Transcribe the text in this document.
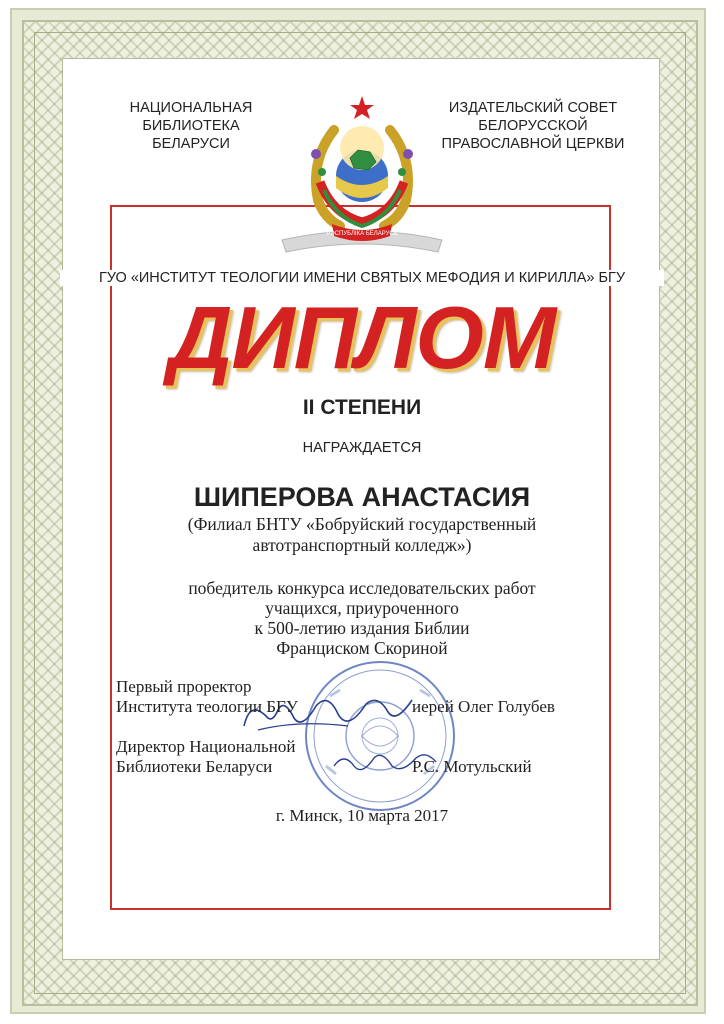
НАЦИОНАЛЬНАЯ
БИБЛИОТЕКА БЕЛАРУСИ
ИЗДАТЕЛЬСКИЙ СОВЕТ
БЕЛОРУССКОЙ
ПРАВОСЛАВНОЙ ЦЕРКВИ
РЭСПУБЛІКА БЕЛАРУСЬ
ГУО «ИНСТИТУТ ТЕОЛОГИИ ИМЕНИ СВЯТЫХ МЕФОДИЯ И КИРИЛЛА» БГУ
ДИПЛОМ
II СТЕПЕНИ
НАГРАЖДАЕТСЯ
ШИПЕРОВА АНАСТАСИЯ
(Филиал БНТУ «Бобруйский государственный
автотранспортный колледж»)
победитель конкурса исследовательских работ
учащихся, приуроченного
к 500-летию издания Библии
Франциском Скориной
Первый проректор
Института теологии БГУ	иерей Олег Голубев
Директор Национальной
Библиотеки Беларуси	Р.С. Мотульский
г. Минск, 10 марта 2017
